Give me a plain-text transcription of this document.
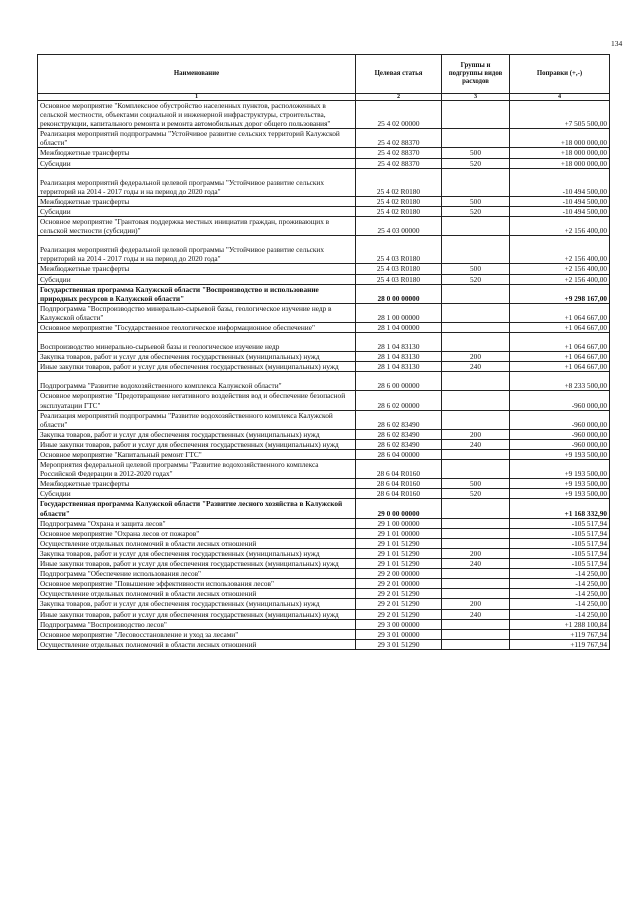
134
Наименование	Целевая статья	Группы и подгруппы видов расходов	Поправки (+,-)
1	2	3	4
Основное мероприятие "Комплексное обустройство населенных пунктов, расположенных в сельской местности, объектами социальной и инженерной инфраструктуры, строительства, реконструкции, капитального ремонта и ремонта автомобильных дорог общего пользования"	25 4 02 00000		+7 505 500,00
Реализация мероприятий подпрограммы "Устойчивое развитие сельских территорий Калужской области"	25 4 02 88370		+18 000 000,00
Межбюджетные трансферты	25 4 02 88370	500	+18 000 000,00
Субсидии	25 4 02 88370	520	+18 000 000,00
Реализация мероприятий федеральной целевой программы "Устойчивое развитие сельских территорий на 2014 - 2017 годы и на период до 2020 года"	25 4 02 R0180		-10 494 500,00
Межбюджетные трансферты	25 4 02 R0180	500	-10 494 500,00
Субсидии	25 4 02 R0180	520	-10 494 500,00
Основное мероприятие "Грантовая поддержка местных инициатив граждан, проживающих в сельской местности (субсидии)"	25 4 03 00000		+2 156 400,00
Реализация мероприятий федеральной целевой программы "Устойчивое развитие сельских территорий на 2014 - 2017 годы и на период до 2020 года"	25 4 03 R0180		+2 156 400,00
Межбюджетные трансферты	25 4 03 R0180	500	+2 156 400,00
Субсидии	25 4 03 R0180	520	+2 156 400,00
Государственная программа Калужской области "Воспроизводство и использование природных ресурсов в Калужской области"	28 0 00 00000		+9 298 167,00
Подпрограмма "Воспроизводство минерально-сырьевой базы, геологическое изучение недр в Калужской области"	28 1 00 00000		+1 064 667,00
Основное мероприятие "Государственное геологическое информационное обеспечение"	28 1 04 00000		+1 064 667,00
Воспроизводство минерально-сырьевой базы и геологическое изучение недр	28 1 04 83130		+1 064 667,00
Закупка товаров, работ и услуг для обеспечения государственных (муниципальных) нужд	28 1 04 83130	200	+1 064 667,00
Иные закупки товаров, работ и услуг для обеспечения государственных (муниципальных) нужд	28 1 04 83130	240	+1 064 667,00
Подпрограмма "Развитие водохозяйственного комплекса Калужской области"	28 6 00 00000		+8 233 500,00
Основное мероприятие "Предотвращение негативного воздействия вод и обеспечение безопасной эксплуатации ГТС"	28 6 02 00000		-960 000,00
Реализация мероприятий подпрограммы "Развитие водохозяйственного комплекса Калужской области"	28 6 02 83490		-960 000,00
Закупка товаров, работ и услуг для обеспечения государственных (муниципальных) нужд	28 6 02 83490	200	-960 000,00
Иные закупки товаров, работ и услуг для обеспечения государственных (муниципальных) нужд	28 6 02 83490	240	-960 000,00
Основное мероприятие "Капитальный ремонт ГТС"	28 6 04 00000		+9 193 500,00
Мероприятия федеральной целевой программы "Развитие водохозяйственного комплекса Российской Федерации в 2012-2020 годах"	28 6 04 R0160		+9 193 500,00
Межбюджетные трансферты	28 6 04 R0160	500	+9 193 500,00
Субсидии	28 6 04 R0160	520	+9 193 500,00
Государственная программа Калужской области "Развитие лесного хозяйства в Калужской области"	29 0 00 00000		+1 168 332,90
Подпрограмма "Охрана и защита лесов"	29 1 00 00000		-105 517,94
Основное мероприятие "Охрана лесов от пожаров"	29 1 01 00000		-105 517,94
Осуществление отдельных полномочий в области лесных отношений	29 1 01 51290		-105 517,94
Закупка товаров, работ и услуг для обеспечения государственных (муниципальных) нужд	29 1 01 51290	200	-105 517,94
Иные закупки товаров, работ и услуг для обеспечения государственных (муниципальных) нужд	29 1 01 51290	240	-105 517,94
Подпрограмма "Обеспечение использования лесов"	29 2 00 00000		-14 250,00
Основное мероприятие "Повышение эффективности использования лесов"	29 2 01 00000		-14 250,00
Осуществление отдельных полномочий в области лесных отношений	29 2 01 51290		-14 250,00
Закупка товаров, работ и услуг для обеспечения государственных (муниципальных) нужд	29 2 01 51290	200	-14 250,00
Иные закупки товаров, работ и услуг для обеспечения государственных (муниципальных) нужд	29 2 01 51290	240	-14 250,00
Подпрограмма "Воспроизводство лесов"	29 3 00 00000		+1 288 100,84
Основное мероприятие "Лесовосстановление и уход за лесами"	29 3 01 00000		+119 767,94
Осуществление отдельных полномочий в области лесных отношений	29 3 01 51290		+119 767,94
